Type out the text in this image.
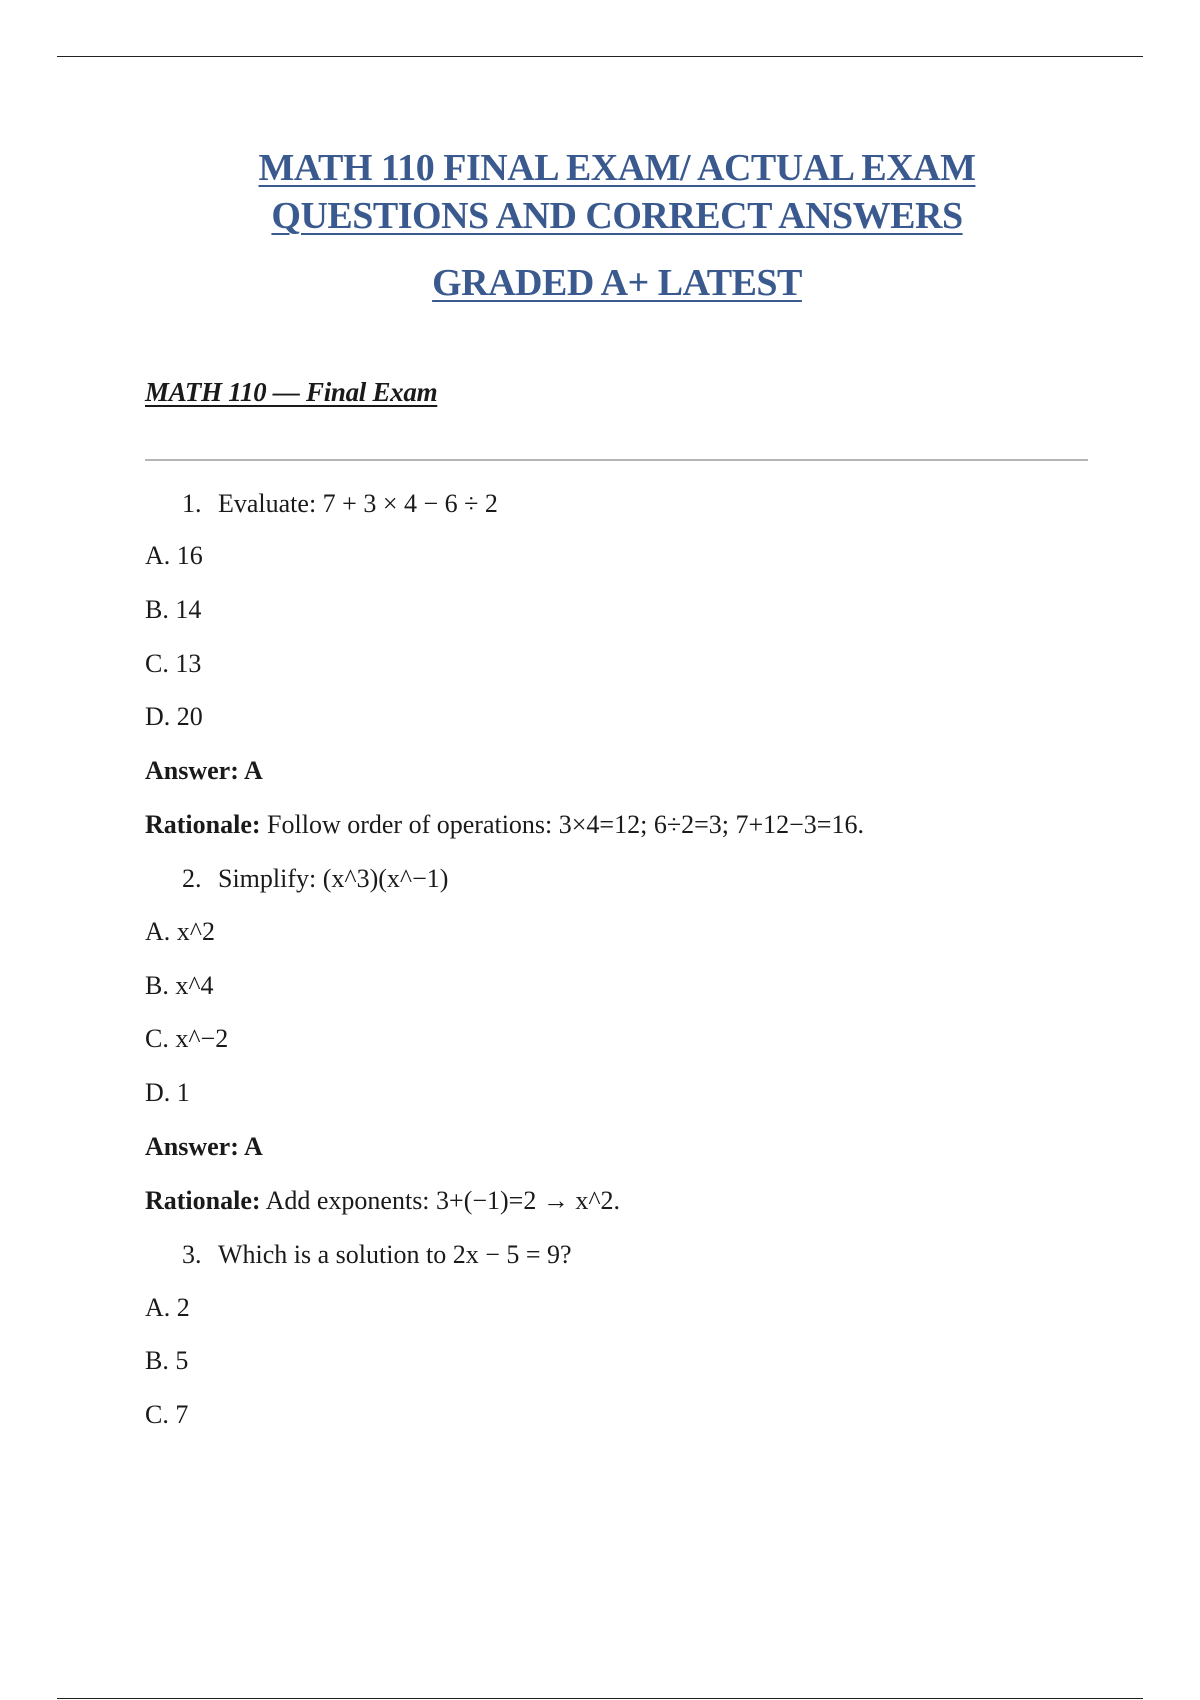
MATH 110 FINAL EXAM/ ACTUAL EXAM
QUESTIONS AND CORRECT ANSWERS
GRADED A+ LATEST

MATH 110 — Final Exam

1. Evaluate: 7 + 3 × 4 − 6 ÷ 2

A. 16

B. 14

C. 13

D. 20

Answer: A

Rationale: Follow order of operations: 3×4=12; 6÷2=3; 7+12−3=16.

2. Simplify: (x^3)(x^−1)

A. x^2

B. x^4

C. x^−2

D. 1

Answer: A

Rationale: Add exponents: 3+(−1)=2 → x^2.

3. Which is a solution to 2x − 5 = 9?

A. 2

B. 5

C. 7
